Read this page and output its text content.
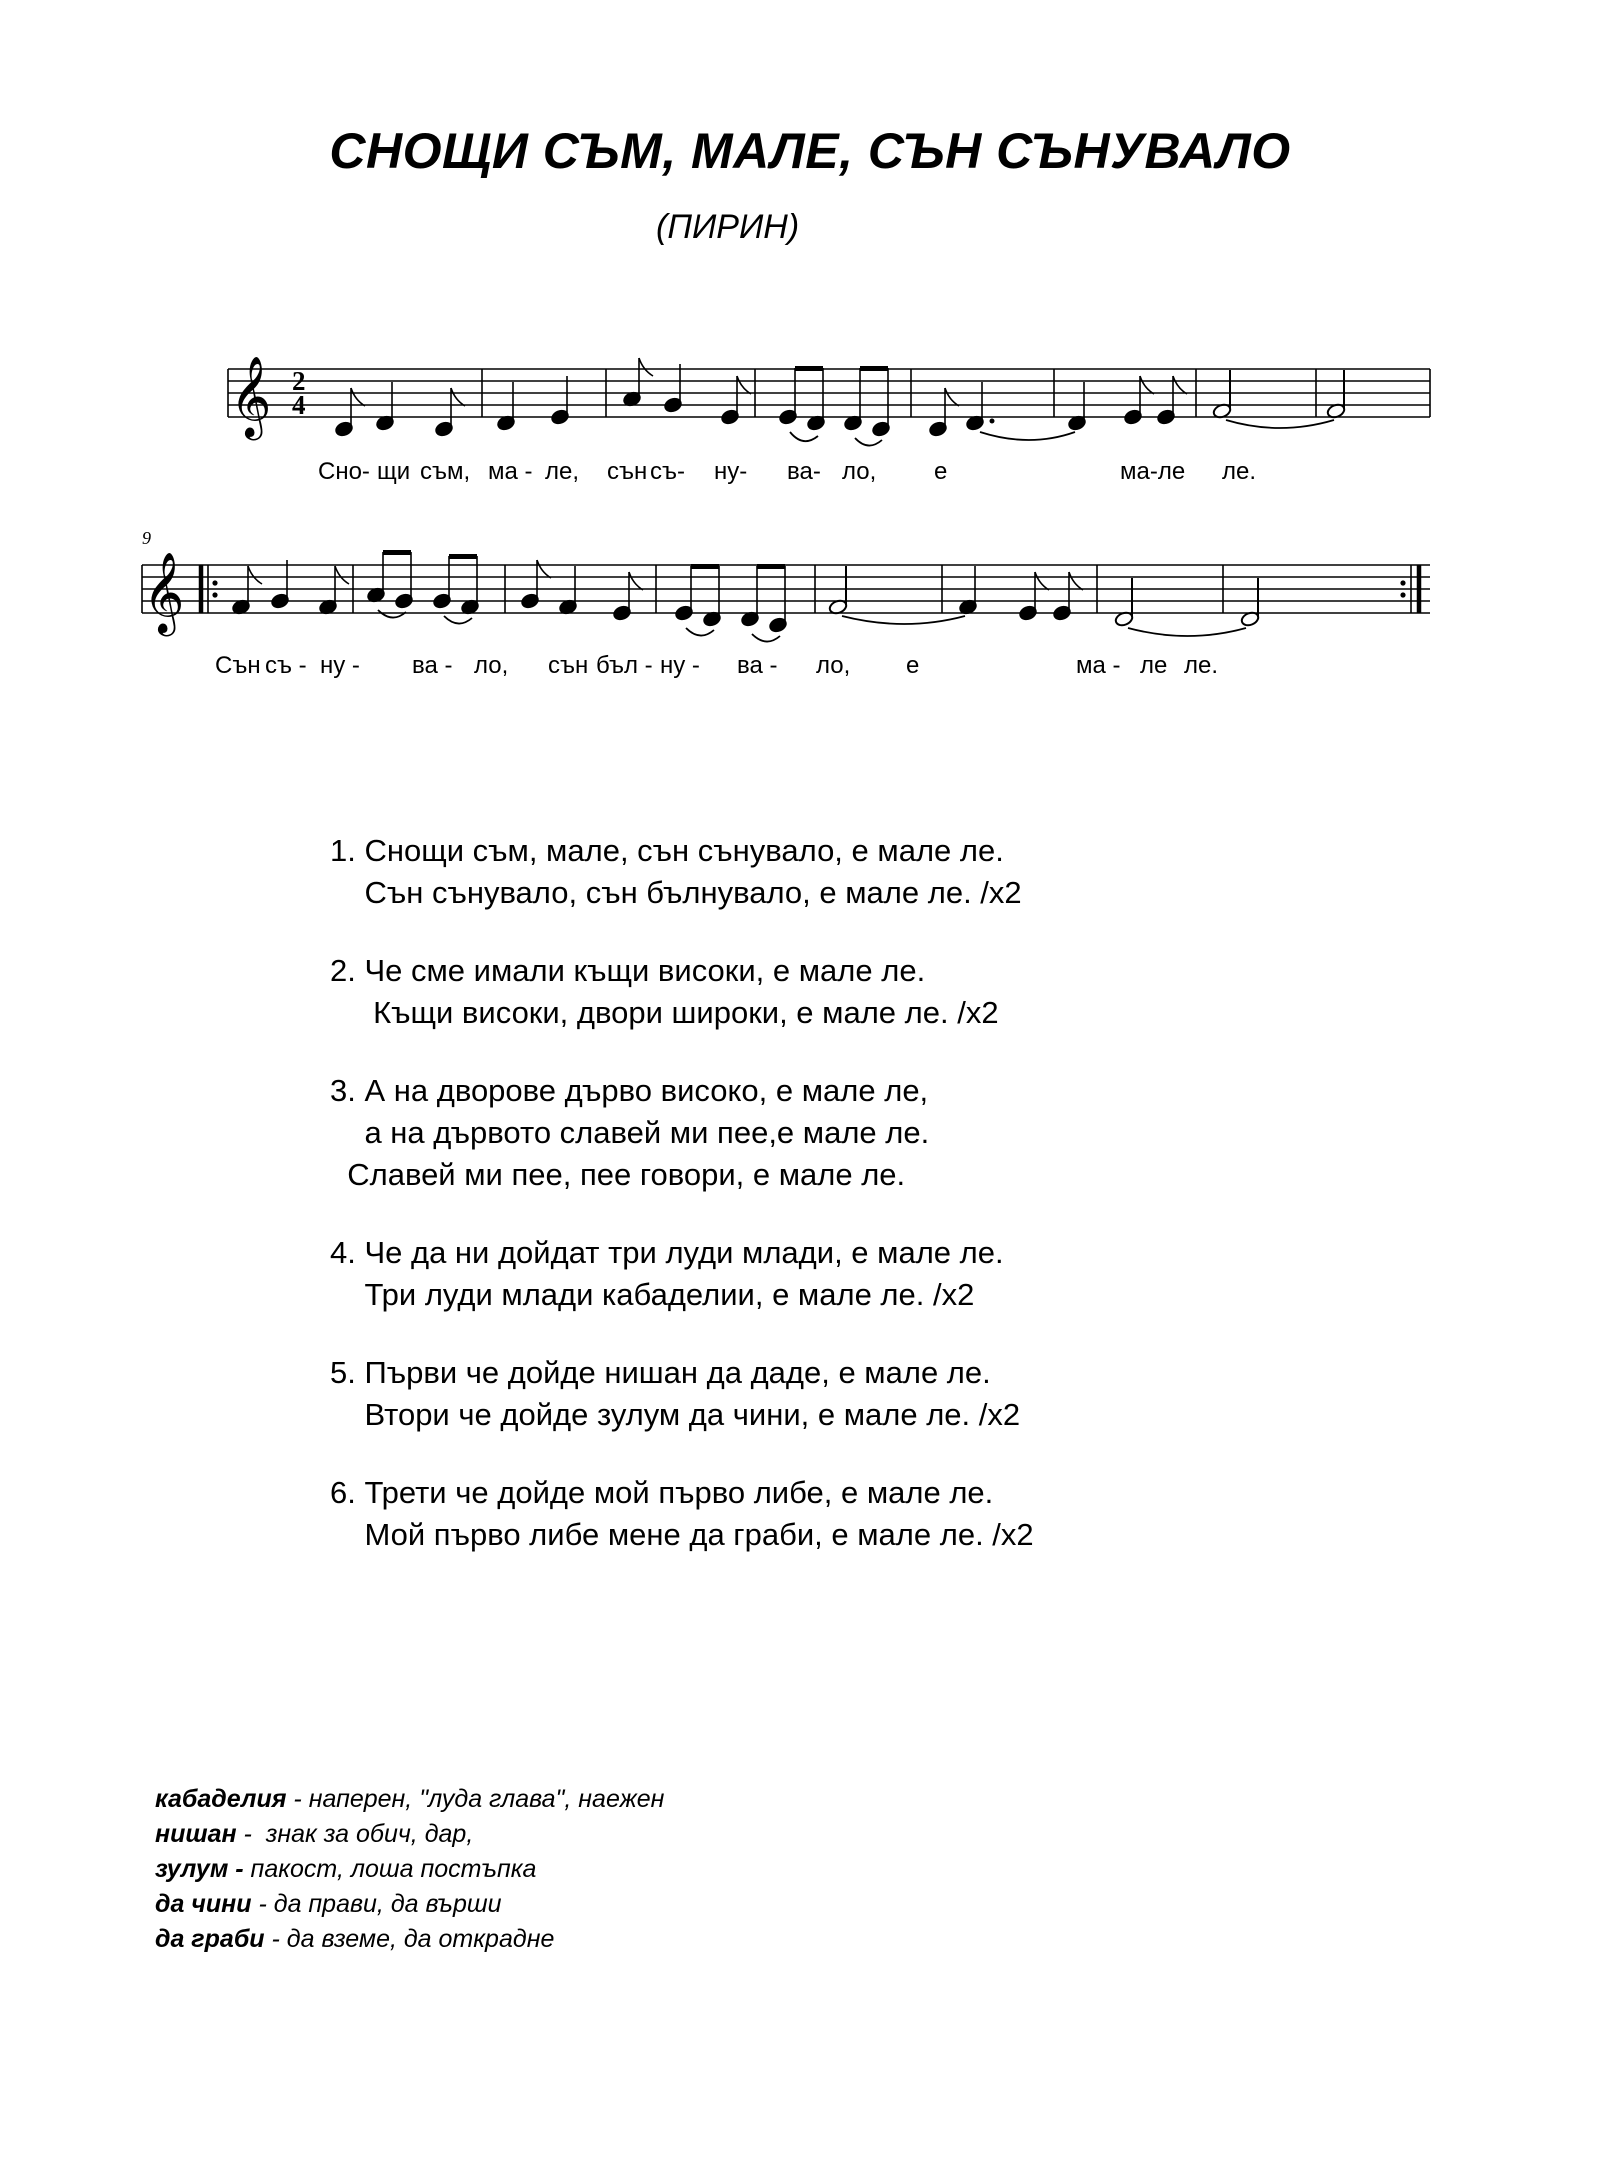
СНОЩИ СЪМ, МАЛЕ, СЪН СЪНУВАЛО
(ПИРИН)
𝄞 2
4
Сно- щи съм, ма - ле, сън съ- ну- ва- ло, е	ма-ле ле.
9
𝄞
Сън съ - ну - ва - ло, сън бъл - ну - ва - ло, е	ма - ле ле.
1. Снощи съм, мале, сън сънувало, е мале ле.
Сън сънувало, сън бълнувало, е мале ле. /x2
2. Че сме имали къщи високи, е мале ле.
Къщи високи, двори широки, е мале ле. /x2
3. А на дворове дърво високо, е мале ле,
а на дървото славей ми пее,е мале ле.
Славей ми пее, пее говори, е мале ле.
4. Че да ни дойдат три луди млади, е мале ле.
Три луди млади кабаделии, е мале ле. /x2
5. Първи че дойде нишан да даде, е мале ле.
Втори че дойде зулум да чини, е мале ле. /x2
6. Трети че дойде мой първо либе, е мале ле.
Мой първо либе мене да граби, е мале ле. /x2
кабаделия - наперен, "луда глава", наежен
нишан -  знак за обич, дар,
зулум - пакост, лоша постъпка
да чини - да прави, да върши
да граби - да вземе, да открадне
